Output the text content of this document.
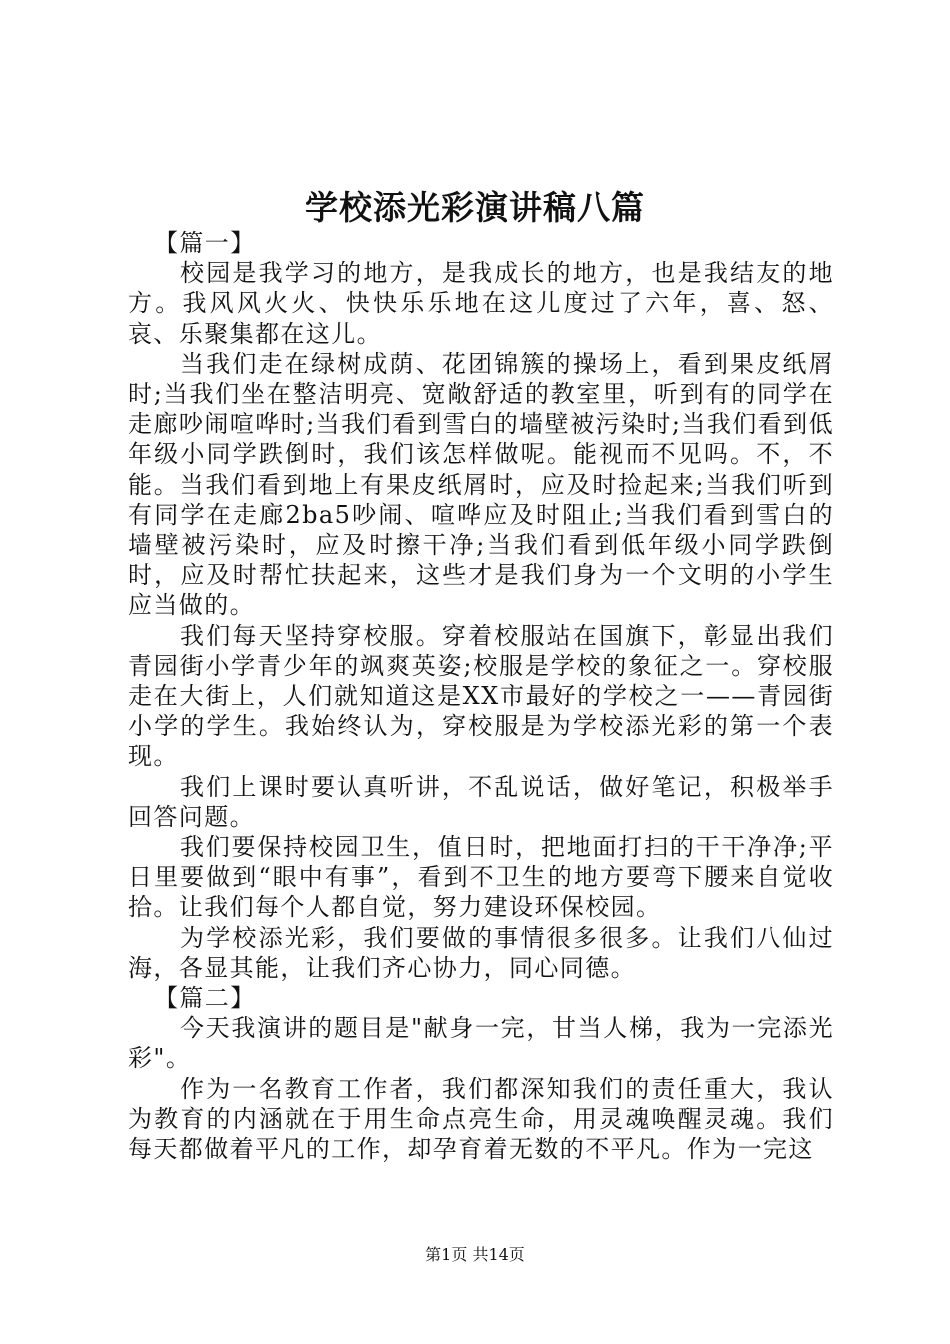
学校添光彩演讲稿八篇

【篇一】

校园是我学习的地方，是我成长的地方，也是我结友的地方。我风风火火、快快乐乐地在这儿度过了六年，喜、怒、哀、乐聚集都在这儿。

当我们走在绿树成荫、花团锦簇的操场上，看到果皮纸屑时;当我们坐在整洁明亮、宽敞舒适的教室里，听到有的同学在走廊吵闹喧哗时;当我们看到雪白的墙壁被污染时;当我们看到低年级小同学跌倒时，我们该怎样做呢。能视而不见吗。不，不能。当我们看到地上有果皮纸屑时，应及时捡起来;当我们听到有同学在走廊2ba5吵闹、喧哗应及时阻止;当我们看到雪白的墙壁被污染时，应及时擦干净;当我们看到低年级小同学跌倒时，应及时帮忙扶起来，这些才是我们身为一个文明的小学生应当做的。

我们每天坚持穿校服。穿着校服站在国旗下，彰显出我们青园街小学青少年的飒爽英姿;校服是学校的象征之一。穿校服走在大街上，人们就知道这是XX市最好的学校之一——青园街小学的学生。我始终认为，穿校服是为学校添光彩的第一个表现。

我们上课时要认真听讲，不乱说话，做好笔记，积极举手回答问题。

我们要保持校园卫生，值日时，把地面打扫的干干净净;平日里要做到“眼中有事”，看到不卫生的地方要弯下腰来自觉收拾。让我们每个人都自觉，努力建设环保校园。

为学校添光彩，我们要做的事情很多很多。让我们八仙过海，各显其能，让我们齐心协力，同心同德。

【篇二】

今天我演讲的题目是"献身一完，甘当人梯，我为一完添光彩"。

作为一名教育工作者，我们都深知我们的责任重大，我认为教育的内涵就在于用生命点亮生命，用灵魂唤醒灵魂。我们每天都做着平凡的工作，却孕育着无数的不平凡。作为一完这

第1页 共14页
